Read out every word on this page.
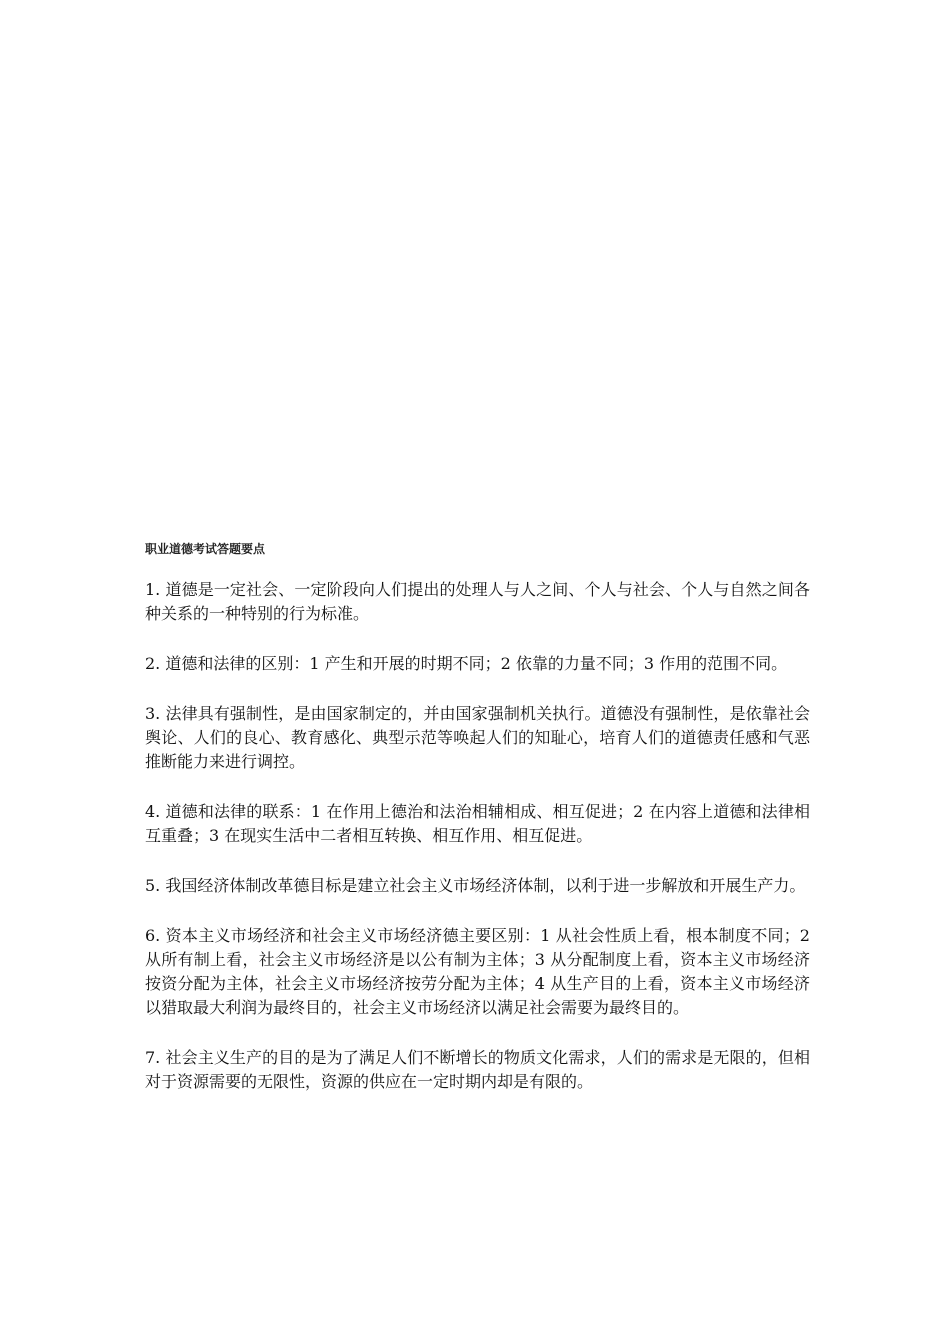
职业道德考试答题要点

1. 道德是一定社会、一定阶段向人们提出的处理人与人之间、个人与社会、个人与自然之间各种关系的一种特别的行为标准。

2. 道德和法律的区别：1 产生和开展的时期不同；2 依靠的力量不同；3 作用的范围不同。

3. 法律具有强制性，是由国家制定的，并由国家强制机关执行。道德没有强制性，是依靠社会舆论、人们的良心、教育感化、典型示范等唤起人们的知耻心，培育人们的道德责任感和气恶推断能力来进行调控。

4. 道德和法律的联系：1 在作用上德治和法治相辅相成、相互促进；2 在内容上道德和法律相互重叠；3 在现实生活中二者相互转换、相互作用、相互促进。

5. 我国经济体制改革德目标是建立社会主义市场经济体制，以利于进一步解放和开展生产力。

6. 资本主义市场经济和社会主义市场经济德主要区别：1 从社会性质上看，根本制度不同；2 从所有制上看，社会主义市场经济是以公有制为主体；3 从分配制度上看，资本主义市场经济按资分配为主体，社会主义市场经济按劳分配为主体；4 从生产目的上看，资本主义市场经济以猎取最大利润为最终目的，社会主义市场经济以满足社会需要为最终目的。

7. 社会主义生产的目的是为了满足人们不断增长的物质文化需求，人们的需求是无限的，但相对于资源需要的无限性，资源的供应在一定时期内却是有限的。
